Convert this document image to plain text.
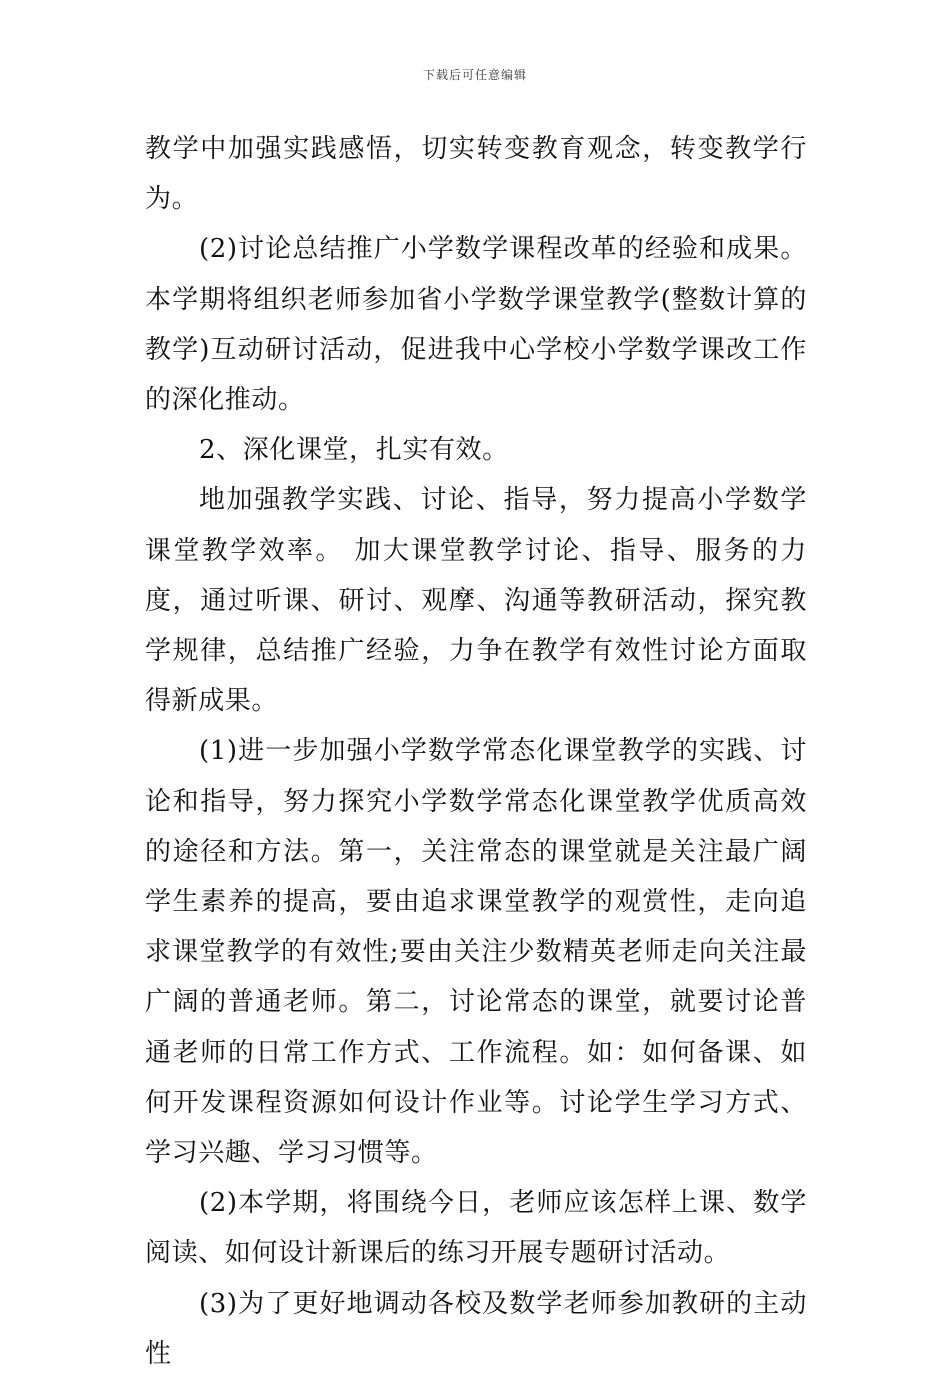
下载后可任意编辑

教学中加强实践感悟，切实转变教育观念，转变教学行为。

(2)讨论总结推广小学数学课程改革的经验和成果。本学期将组织老师参加省小学数学课堂教学(整数计算的教学)互动研讨活动，促进我中心学校小学数学课改工作的深化推动。

2、深化课堂，扎实有效。

地加强教学实践、讨论、指导，努力提高小学数学课堂教学效率。 加大课堂教学讨论、指导、服务的力度，通过听课、研讨、观摩、沟通等教研活动，探究教学规律，总结推广经验，力争在教学有效性讨论方面取得新成果。

(1)进一步加强小学数学常态化课堂教学的实践、讨论和指导，努力探究小学数学常态化课堂教学优质高效的途径和方法。第一，关注常态的课堂就是关注最广阔学生素养的提高，要由追求课堂教学的观赏性，走向追求课堂教学的有效性;要由关注少数精英老师走向关注最广阔的普通老师。第二，讨论常态的课堂，就要讨论普通老师的日常工作方式、工作流程。如：如何备课、如何开发课程资源如何设计作业等。讨论学生学习方式、学习兴趣、学习习惯等。

(2)本学期，将围绕今日，老师应该怎样上课、数学阅读、如何设计新课后的练习开展专题研讨活动。

(3)为了更好地调动各校及数学老师参加教研的主动性
